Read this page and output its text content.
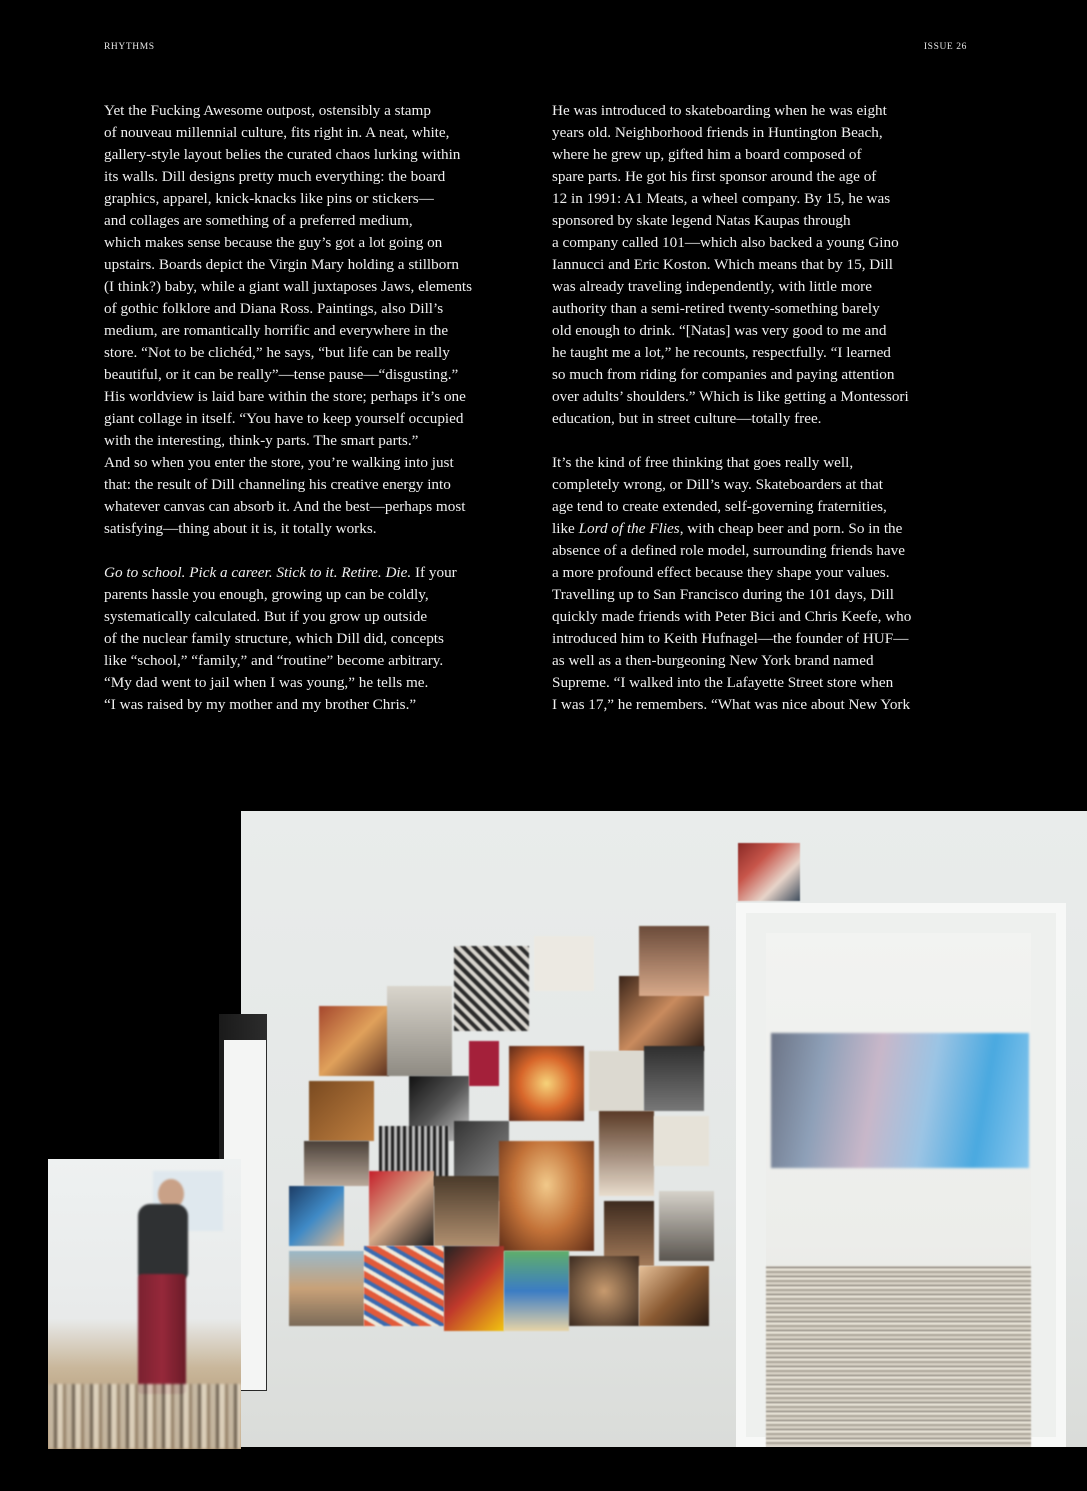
RHYTHMS	ISSUE 26

Yet the Fucking Awesome outpost, ostensibly a stamp
of nouveau millennial culture, fits right in. A neat, white,
gallery-style layout belies the curated chaos lurking within
its walls. Dill designs pretty much everything: the board
graphics, apparel, knick-knacks like pins or stickers—
and collages are something of a preferred medium,
which makes sense because the guy’s got a lot going on
upstairs. Boards depict the Virgin Mary holding a stillborn
(I think?) baby, while a giant wall juxtaposes Jaws, elements
of gothic folklore and Diana Ross. Paintings, also Dill’s
medium, are romantically horrific and everywhere in the
store. “Not to be clichéd,” he says, “but life can be really
beautiful, or it can be really”—tense pause—“disgusting.”
His worldview is laid bare within the store; perhaps it’s one
giant collage in itself. “You have to keep yourself occupied
with the interesting, think-y parts. The smart parts.”
And so when you enter the store, you’re walking into just
that: the result of Dill channeling his creative energy into
whatever canvas can absorb it. And the best—perhaps most
satisfying—thing about it is, it totally works.

Go to school. Pick a career. Stick to it. Retire. Die. If your
parents hassle you enough, growing up can be coldly,
systematically calculated. But if you grow up outside
of the nuclear family structure, which Dill did, concepts
like “school,” “family,” and “routine” become arbitrary.
“My dad went to jail when I was young,” he tells me.
“I was raised by my mother and my brother Chris.”

He was introduced to skateboarding when he was eight
years old. Neighborhood friends in Huntington Beach,
where he grew up, gifted him a board composed of
spare parts. He got his first sponsor around the age of
12 in 1991: A1 Meats, a wheel company. By 15, he was
sponsored by skate legend Natas Kaupas through
a company called 101—which also backed a young Gino
Iannucci and Eric Koston. Which means that by 15, Dill
was already traveling independently, with little more
authority than a semi-retired twenty-something barely
old enough to drink. “[Natas] was very good to me and
he taught me a lot,” he recounts, respectfully. “I learned
so much from riding for companies and paying attention
over adults’ shoulders.” Which is like getting a Montessori
education, but in street culture—totally free.

It’s the kind of free thinking that goes really well,
completely wrong, or Dill’s way. Skateboarders at that
age tend to create extended, self-governing fraternities,
like Lord of the Flies, with cheap beer and porn. So in the
absence of a defined role model, surrounding friends have
a more profound effect because they shape your values.
Travelling up to San Francisco during the 101 days, Dill
quickly made friends with Peter Bici and Chris Keefe, who
introduced him to Keith Hufnagel—the founder of HUF—
as well as a then-burgeoning New York brand named
Supreme. “I walked into the Lafayette Street store when
I was 17,” he remembers. “What was nice about New York
